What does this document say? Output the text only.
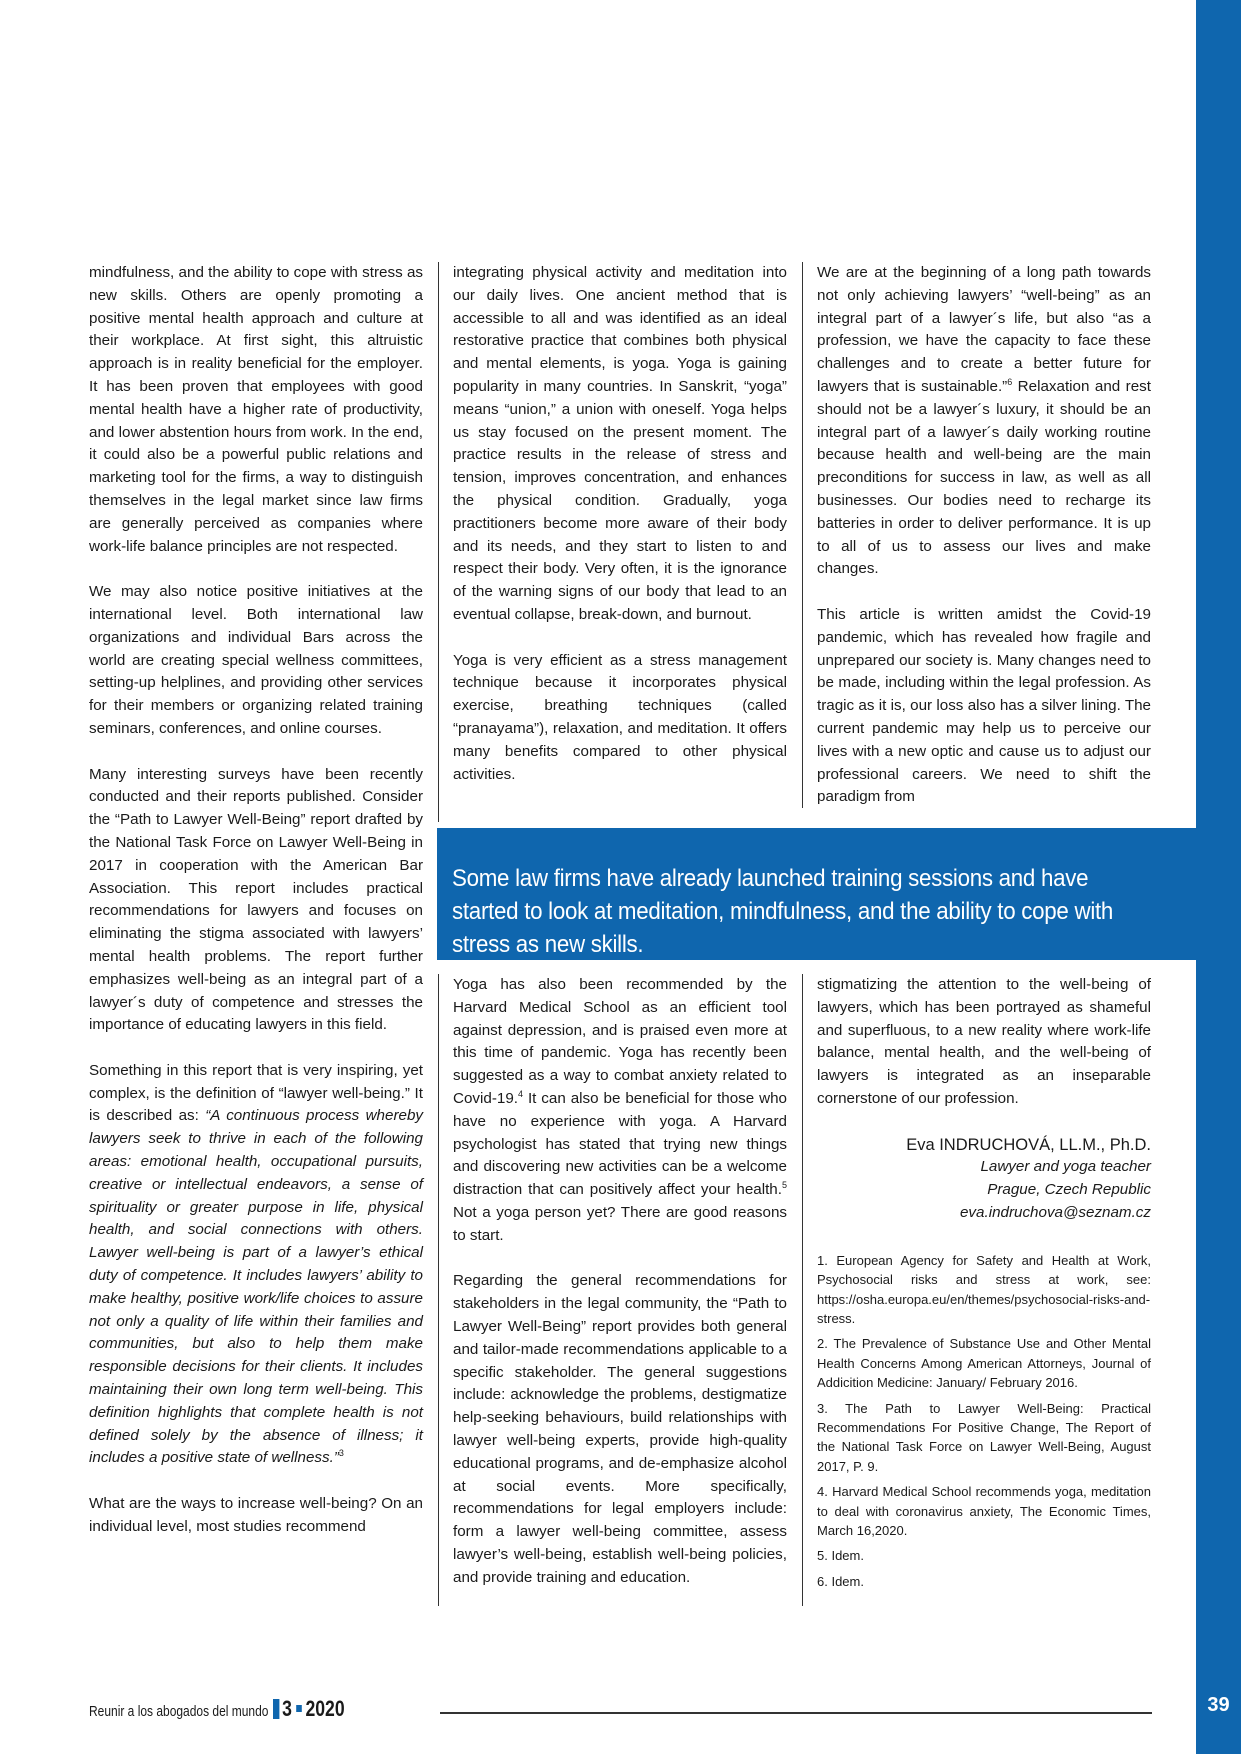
mindfulness, and the ability to cope with stress as new skills. Others are openly promoting a positive mental health approach and culture at their workplace. At first sight, this altruistic approach is in reality beneficial for the employer. It has been proven that employees with good mental health have a higher rate of productivity, and lower abstention hours from work. In the end, it could also be a powerful public relations and marketing tool for the firms, a way to distinguish themselves in the legal market since law firms are generally perceived as companies where work-life balance principles are not respected.

We may also notice positive initiatives at the international level. Both international law organizations and individual Bars across the world are creating special wellness committees, setting-up helplines, and providing other services for their members or organizing related training seminars, conferences, and online courses.

Many interesting surveys have been recently conducted and their reports published. Consider the “Path to Lawyer Well-Being” report drafted by the National Task Force on Lawyer Well-Being in 2017 in cooperation with the American Bar Association. This report includes practical recommendations for lawyers and focuses on eliminating the stigma associated with lawyers’ mental health problems. The report further emphasizes well-being as an integral part of a lawyer´s duty of competence and stresses the importance of educating lawyers in this field.

Something in this report that is very inspiring, yet complex, is the definition of “lawyer well-being.” It is described as: “A continuous process whereby lawyers seek to thrive in each of the following areas: emotional health, occupational pursuits, creative or intellectual endeavors, a sense of spirituality or greater purpose in life, physical health, and social connections with others. Lawyer well-being is part of a lawyer’s ethical duty of competence. It includes lawyers’ ability to make healthy, positive work/life choices to assure not only a quality of life within their families and communities, but also to help them make responsible decisions for their clients. It includes maintaining their own long term well-being. This definition highlights that complete health is not defined solely by the absence of illness; it includes a positive state of wellness.”$^3$

What are the ways to increase well-being? On an individual level, most studies recommend

integrating physical activity and meditation into our daily lives. One ancient method that is accessible to all and was identified as an ideal restorative practice that combines both physical and mental elements, is yoga. Yoga is gaining popularity in many countries. In Sanskrit, “yoga” means “union,” a union with oneself. Yoga helps us stay focused on the present moment. The practice results in the release of stress and tension, improves concentration, and enhances the physical condition. Gradually, yoga practitioners become more aware of their body and its needs, and they start to listen to and respect their body. Very often, it is the ignorance of the warning signs of our body that lead to an eventual collapse, break-down, and burnout.

Yoga is very efficient as a stress management technique because it incorporates physical exercise, breathing techniques (called “pranayama”), relaxation, and meditation. It offers many benefits compared to other physical activities.

We are at the beginning of a long path towards not only achieving lawyers’ “well-being” as an integral part of a lawyer´s life, but also “as a profession, we have the capacity to face these challenges and to create a better future for lawyers that is sustainable.”$^6$ Relaxation and rest should not be a lawyer´s luxury, it should be an integral part of a lawyer´s daily working routine because health and well-being are the main preconditions for success in law, as well as all businesses. Our bodies need to recharge its batteries in order to deliver performance. It is up to all of us to assess our lives and make changes.

This article is written amidst the Covid-19 pandemic, which has revealed how fragile and unprepared our society is. Many changes need to be made, including within the legal profession. As tragic as it is, our loss also has a silver lining. The current pandemic may help us to perceive our lives with a new optic and cause us to adjust our professional careers. We need to shift the paradigm from

Some law firms have already launched training sessions and have started to look at meditation, mindfulness, and the ability to cope with stress as new skills.

Yoga has also been recommended by the Harvard Medical School as an efficient tool against depression, and is praised even more at this time of pandemic. Yoga has recently been suggested as a way to combat anxiety related to Covid-19.$^4$ It can also be beneficial for those who have no experience with yoga. A Harvard psychologist has stated that trying new things and discovering new activities can be a welcome distraction that can positively affect your health.$^5$ Not a yoga person yet? There are good reasons to start.

Regarding the general recommendations for stakeholders in the legal community, the “Path to Lawyer Well-Being” report provides both general and tailor-made recommendations applicable to a specific stakeholder. The general suggestions include: acknowledge the problems, destigmatize help-seeking behaviours, build relationships with lawyer well-being experts, provide high-quality educational programs, and de-emphasize alcohol at social events. More specifically, recommendations for legal employers include: form a lawyer well-being committee, assess lawyer’s well-being, establish well-being policies, and provide training and education.

stigmatizing the attention to the well-being of lawyers, which has been portrayed as shameful and superfluous, to a new reality where work-life balance, mental health, and the well-being of lawyers is integrated as an inseparable cornerstone of our profession.

Eva INDRUCHOVÁ, LL.M., Ph.D.
Lawyer and yoga teacher
Prague, Czech Republic
eva.indruchova@seznam.cz
1. European Agency for Safety and Health at Work, Psychosocial risks and stress at work, see: https://osha.europa.eu/en/themes/psychosocial-risks-and-stress.
2. The Prevalence of Substance Use and Other Mental Health Concerns Among American Attorneys, Journal of Addicition Medicine: January/ February 2016.
3. The Path to Lawyer Well-Being: Practical Recommendations For Positive Change, The Report of the National Task Force on Lawyer Well-Being, August 2017, P. 9.
4. Harvard Medical School recommends yoga, meditation to deal with coronavirus anxiety, The Economic Times, March 16,2020.
5. Idem.
6. Idem.
Reunir a los abogados del mundo 3 2020	39
